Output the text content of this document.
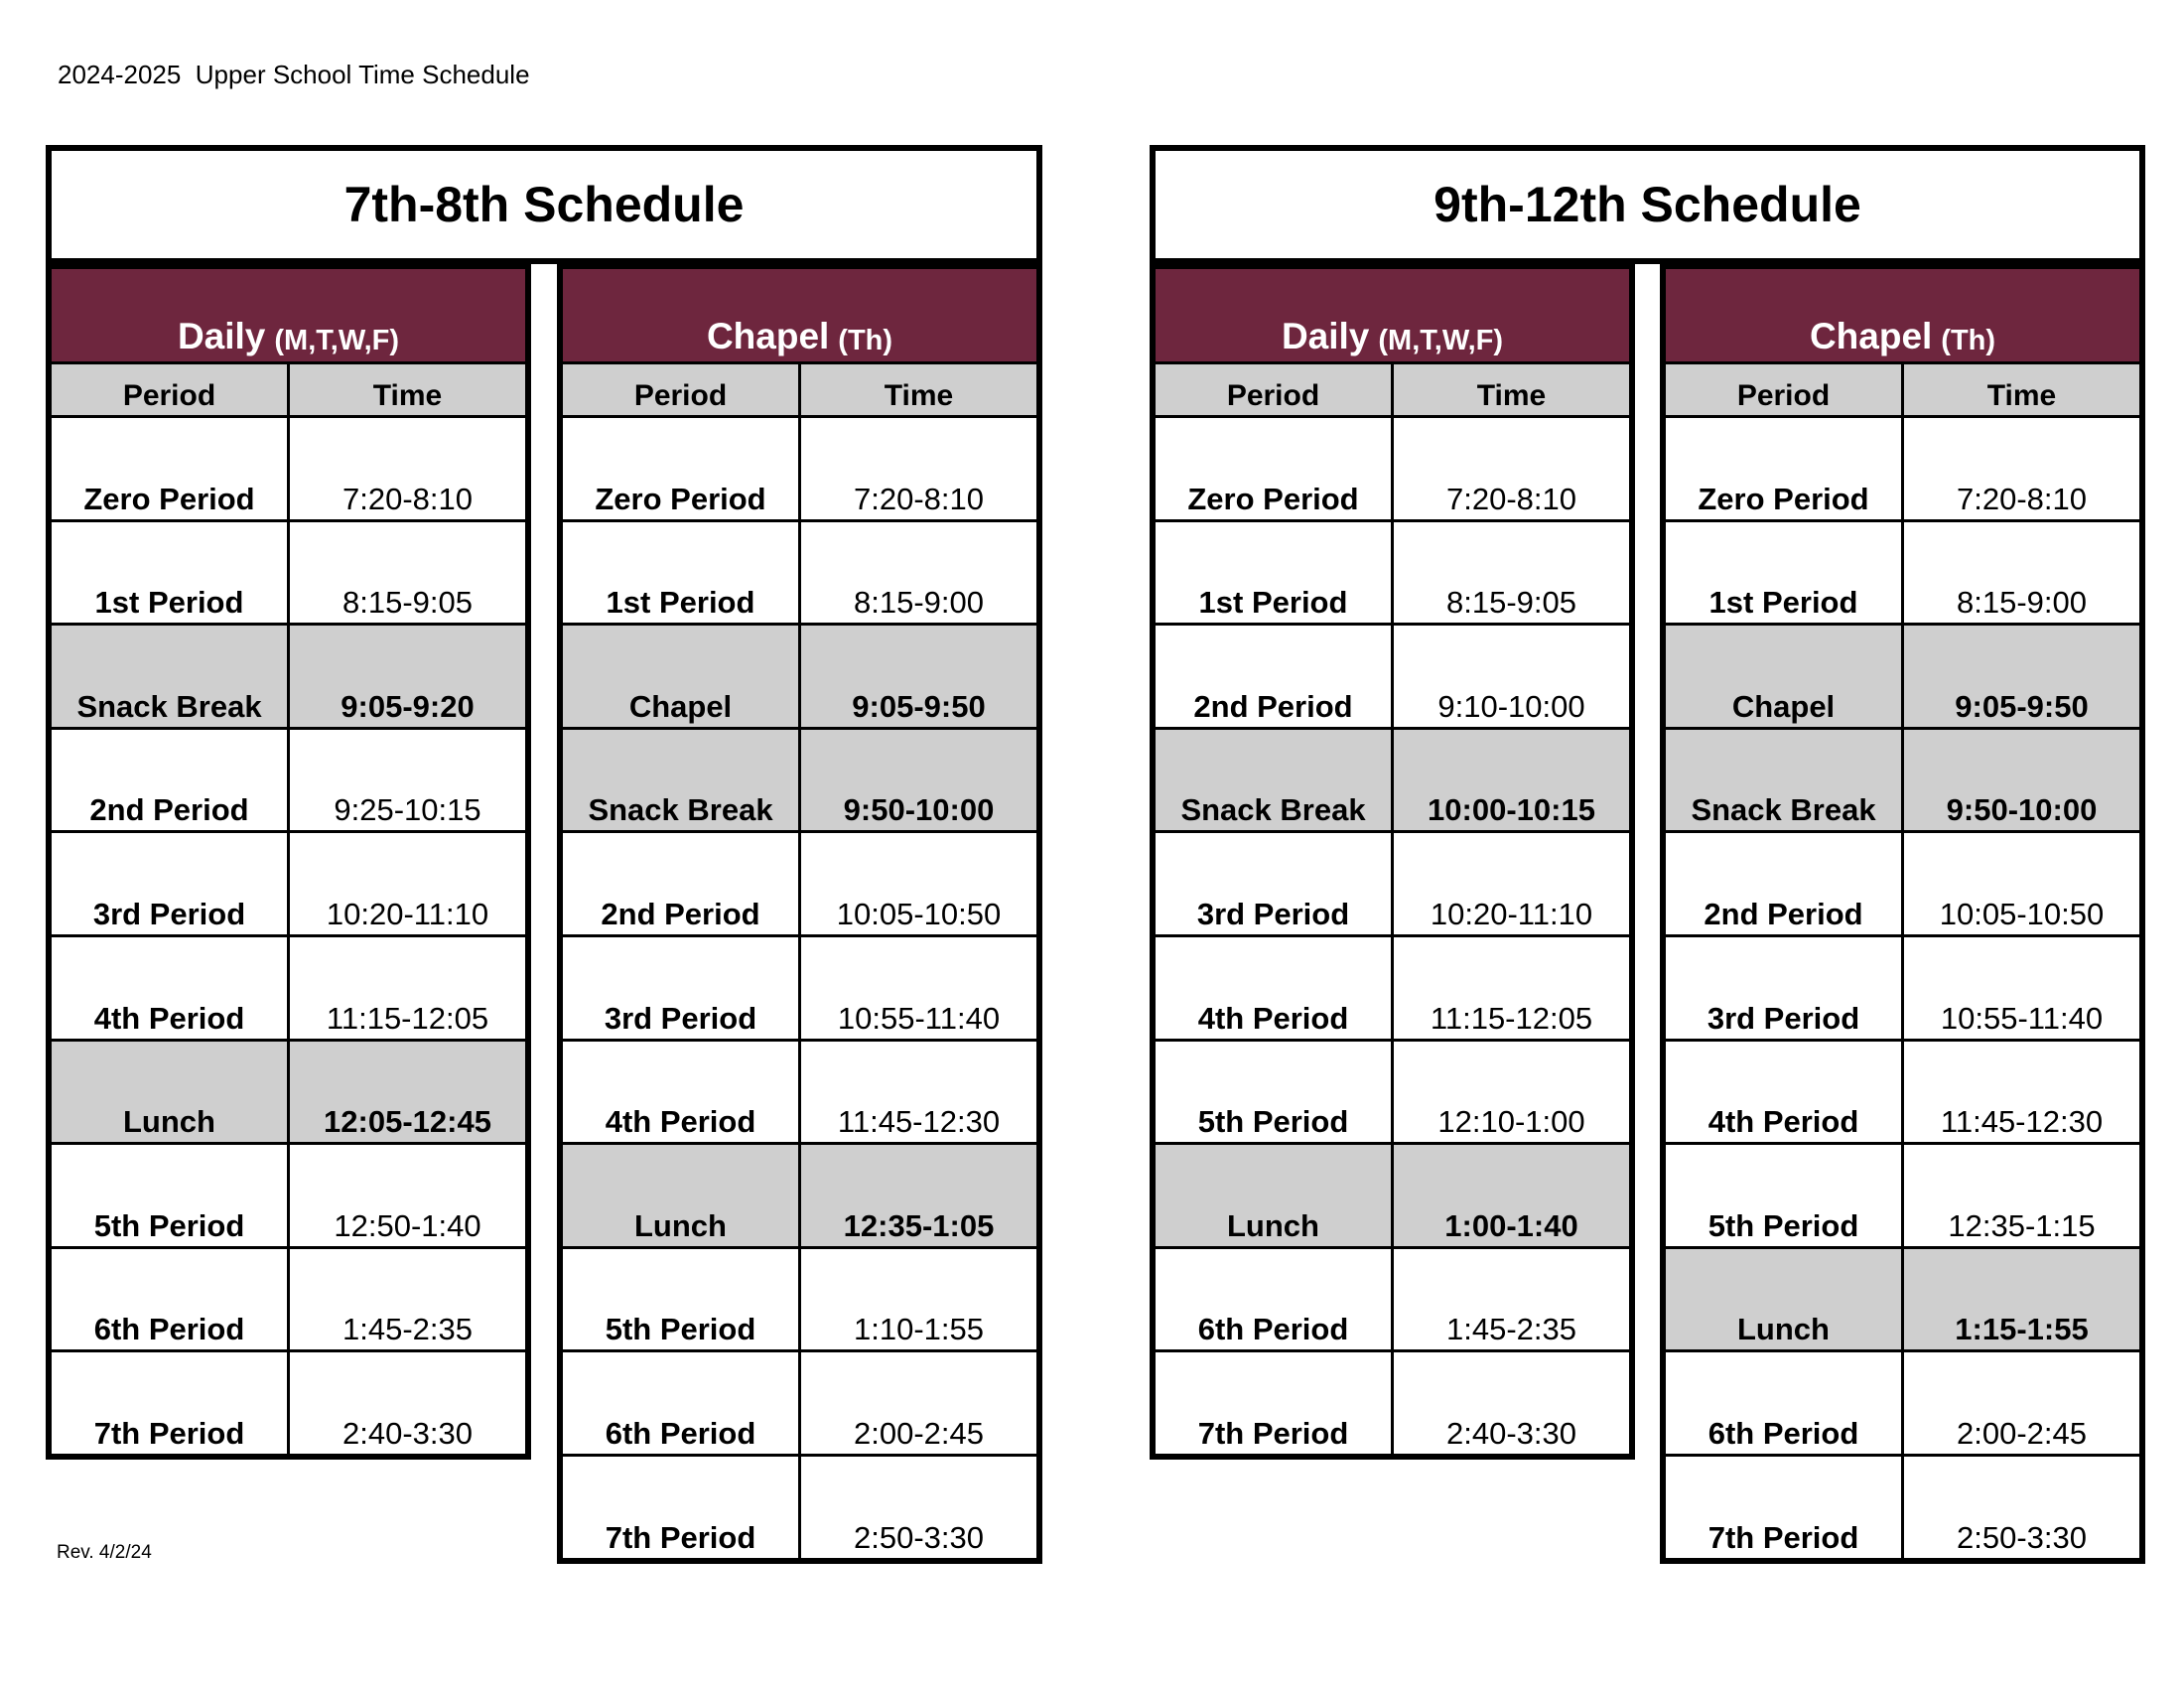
2024-2025  Upper School Time Schedule
7th-8th Schedule	9th-12th Schedule
Daily (M,T,W,F)
Period	Time
Zero Period	7:20-8:10
1st Period	8:15-9:05
Snack Break	9:05-9:20
2nd Period	9:25-10:15
3rd Period	10:20-11:10
4th Period	11:15-12:05
Lunch	12:05-12:45
5th Period	12:50-1:40
6th Period	1:45-2:35
7th Period	2:40-3:30
Chapel (Th)
Period	Time
Zero Period	7:20-8:10
1st Period	8:15-9:00
Chapel	9:05-9:50
Snack Break	9:50-10:00
2nd Period	10:05-10:50
3rd Period	10:55-11:40
4th Period	11:45-12:30
Lunch	12:35-1:05
5th Period	1:10-1:55
6th Period	2:00-2:45
7th Period	2:50-3:30
Daily (M,T,W,F)
Period	Time
Zero Period	7:20-8:10
1st Period	8:15-9:05
2nd Period	9:10-10:00
Snack Break	10:00-10:15
3rd Period	10:20-11:10
4th Period	11:15-12:05
5th Period	12:10-1:00
Lunch	1:00-1:40
6th Period	1:45-2:35
7th Period	2:40-3:30
Chapel (Th)
Period	Time
Zero Period	7:20-8:10
1st Period	8:15-9:00
Chapel	9:05-9:50
Snack Break	9:50-10:00
2nd Period	10:05-10:50
3rd Period	10:55-11:40
4th Period	11:45-12:30
5th Period	12:35-1:15
Lunch	1:15-1:55
6th Period	2:00-2:45
7th Period	2:50-3:30
Rev. 4/2/24
